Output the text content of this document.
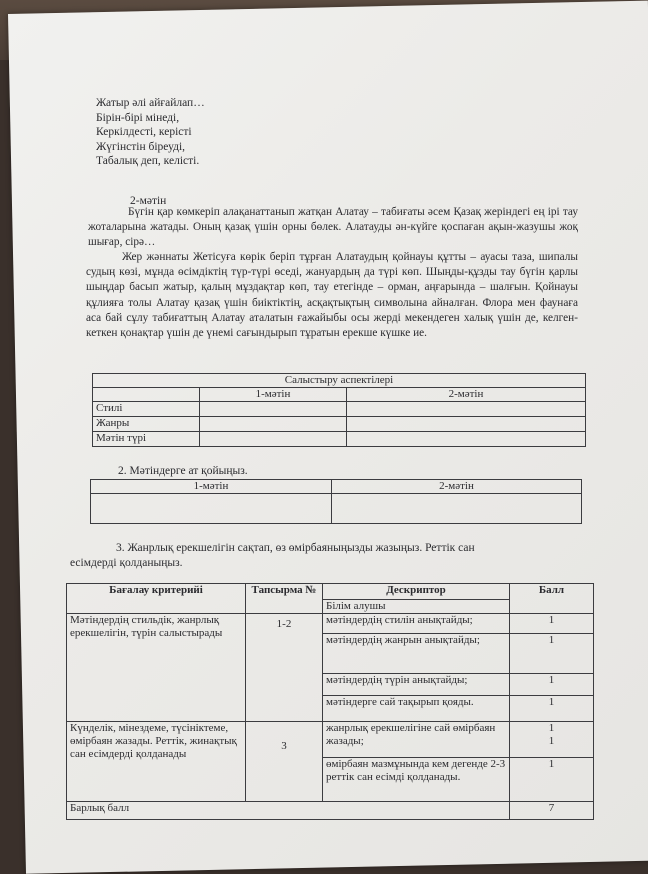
Жатыр әлі айғайлап…
Бірін-бірі мінеді,
Керкілдесті, керісті
Жүгінстін біреуді,
Табалық деп, келісті.
2-мәтін
Бүгін қар көмкеріп алақанаттанып жатқан Алатау – табиғаты әсем Қазақ жеріндегі ең ірі тау жоталарына жатады. Оның қазақ үшін орны бөлек. Алатауды ән-күйге қоспаған ақын-жазушы жоқ шығар, сірә…
Жер жәннаты Жетісуға көрік беріп тұрған Алатаудың қойнауы құтты – ауасы таза, шипалы судың көзі, мұнда өсімдіктің түр-түрі өседі, жануардың да түрі көп. Шыңды-құзды тау бүгін қарлы шыңдар басып жатыр, қалың мұздақтар көп, тау етегінде – орман, аңғарында – шалғын. Қойнауы құлияға толы Алатау қазақ үшін биіктіктің, асқақтықтың символына айналған. Флора мен фаунаға аса бай сұлу табиғаттың Алатау аталатын ғажайыбы осы жерді мекендеген халық үшін де, келген-кеткен қонақтар үшін де үнемі сағындырып тұратын ерекше күшке ие.
Салыстыру аспектілері		
	1-мәтін	2-мәтін
Стилі		
Жанры		
Мәтін түрі		
2. Мәтіндерге ат қойыңыз.
1-мәтін	2-мәтін

3. Жанрлық ерекшелігін сақтап, өз өмірбаяныңызды жазыңыз. Реттік сан
есімдерді қолданыңыз.
Бағалау критерийі	Тапсырма №	Дескриптор	Балл
		Білім алушы	
Мәтіндердің стильдік, жанрлық ерекшелігін, түрін салыстырады	1-2	мәтіндердің стилін анықтайды;	1
		мәтіндердің жанрын анықтайды;	1
		мәтіндердің түрін анықтайды;	1
		мәтіндерге сай тақырып қояды.	1
Күнделік, мінездеме, түсініктеме, өмірбаян жазады. Реттік, жинақтық сан есімдерді қолданады	3	жанрлық ерекшелігіне сай өмірбаян жазады;	1
1

		өмірбаян мазмұнында кем дегенде 2-3 реттік сан есімді қолданады.	1
Барлық балл			7
